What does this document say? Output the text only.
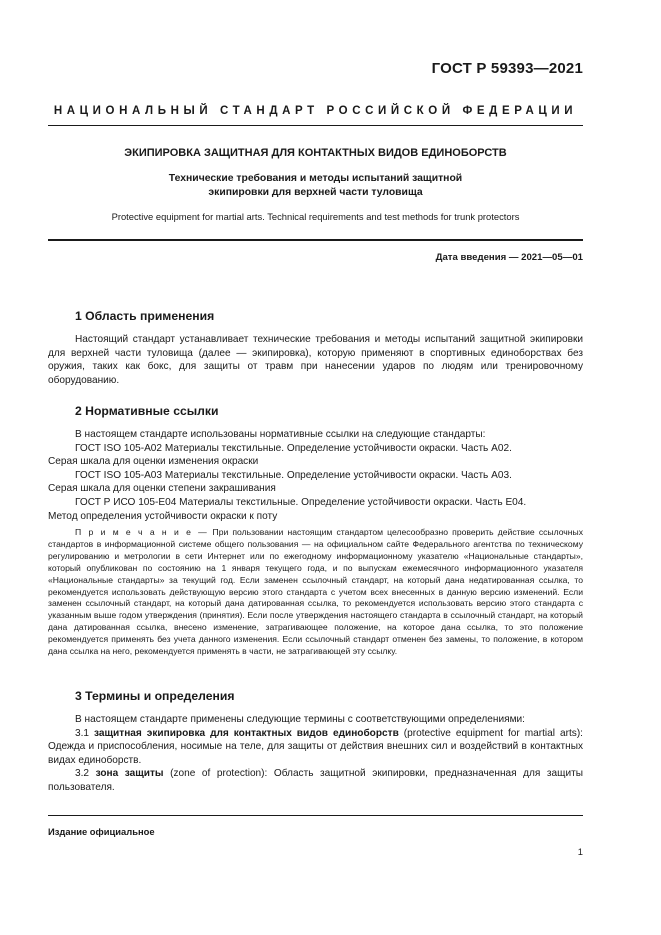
ГОСТ Р 59393—2021
НАЦИОНАЛЬНЫЙ СТАНДАРТ РОССИЙСКОЙ ФЕДЕРАЦИИ
ЭКИПИРОВКА ЗАЩИТНАЯ ДЛЯ КОНТАКТНЫХ ВИДОВ ЕДИНОБОРСТВ
Технические требования и методы испытаний защитной
экипировки для верхней части туловища
Protective equipment for martial arts. Technical requirements and test methods for trunk protectors
Дата введения — 2021—05—01
1 Область применения

Настоящий стандарт устанавливает технические требования и методы испытаний защитной экипировки для верхней части туловища (далее — экипировка), которую применяют в спортивных единоборствах без оружия, таких как бокс, для защиты от травм при нанесении ударов по людям или тренировочному оборудованию.

2 Нормативные ссылки

В настоящем стандарте использованы нормативные ссылки на следующие стандарты:

ГОСТ ISO 105-A02 Материалы текстильные. Определение устойчивости окраски. Часть А02.
Серая шкала для оценки изменения окраски

ГОСТ ISO 105-A03 Материалы текстильные. Определение устойчивости окраски. Часть А03.
Серая шкала для оценки степени закрашивания

ГОСТ Р ИСО 105-Е04 Материалы текстильные. Определение устойчивости окраски. Часть Е04.
Метод определения устойчивости окраски к поту

П р и м е ч а н и е — При пользовании настоящим стандартом целесообразно проверить действие ссылочных стандартов в информационной системе общего пользования — на официальном сайте Федерального агентства по техническому регулированию и метрологии в сети Интернет или по ежегодному информационному указателю «Национальные стандарты», который опубликован по состоянию на 1 января текущего года, и по выпускам ежемесячного информационного указателя «Национальные стандарты» за текущий год. Если заменен ссылочный стандарт, на который дана недатированная ссылка, то рекомендуется использовать действующую версию этого стандарта с учетом всех внесенных в данную версию изменений. Если заменен ссылочный стандарт, на который дана датированная ссылка, то рекомендуется использовать версию этого стандарта с указанным выше годом утверждения (принятия). Если после утверждения настоящего стандарта в ссылочный стандарт, на который дана датированная ссылка, внесено изменение, затрагивающее положение, на которое дана ссылка, то это положение рекомендуется применять без учета данного изменения. Если ссылочный стандарт отменен без замены, то положение, в котором дана ссылка на него, рекомендуется применять в части, не затрагивающей эту ссылку.

3 Термины и определения

В настоящем стандарте применены следующие термины с соответствующими определениями:

3.1 защитная экипировка для контактных видов единоборств (protective equipment for martial arts): Одежда и приспособления, носимые на теле, для защиты от действия внешних сил и воздействий в контактных видах единоборств.

3.2 зона защиты (zone of protection): Область защитной экипировки, предназначенная для защиты пользователя.

Издание официальное
1
